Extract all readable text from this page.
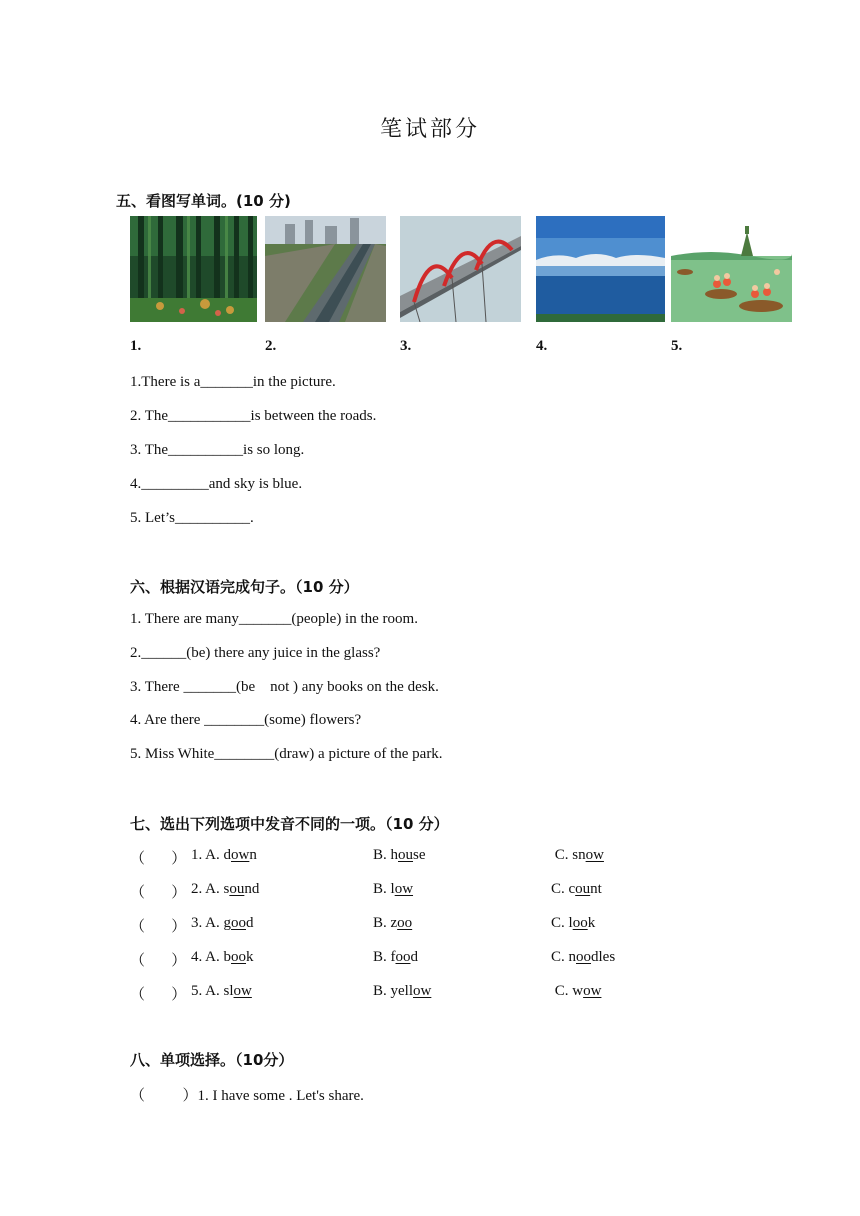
笔试部分
五、看图写单词。(10 分)
1.	2.	3.	4.	5.
1.There is a_______in the picture.
2. The___________is between the roads.
3. The__________is so long.
4._________and sky is blue.
5. Let’s__________.
六、根据汉语完成句子。（10 分）
1. There are many_______(people) in the room.
2.______(be) there any juice in the glass?
3. There _______(be    not ) any books on the desk.
4. Are there ________(some) flowers?
5. Miss White________(draw) a picture of the park.
七、选出下列选项中发音不同的一项。（10 分）
八、单项选择。（10分）
（          ）1. I have some . Let's share.
（       ） 1. A. down	B. house	C. snow
（       ） 2. A. sound	B. low	C. count
（       ） 3. A. good	B. zoo	C. look
（       ） 4. A. book	B. food	C. noodles
（       ） 5. A. slow	B. yellow	C. wow
